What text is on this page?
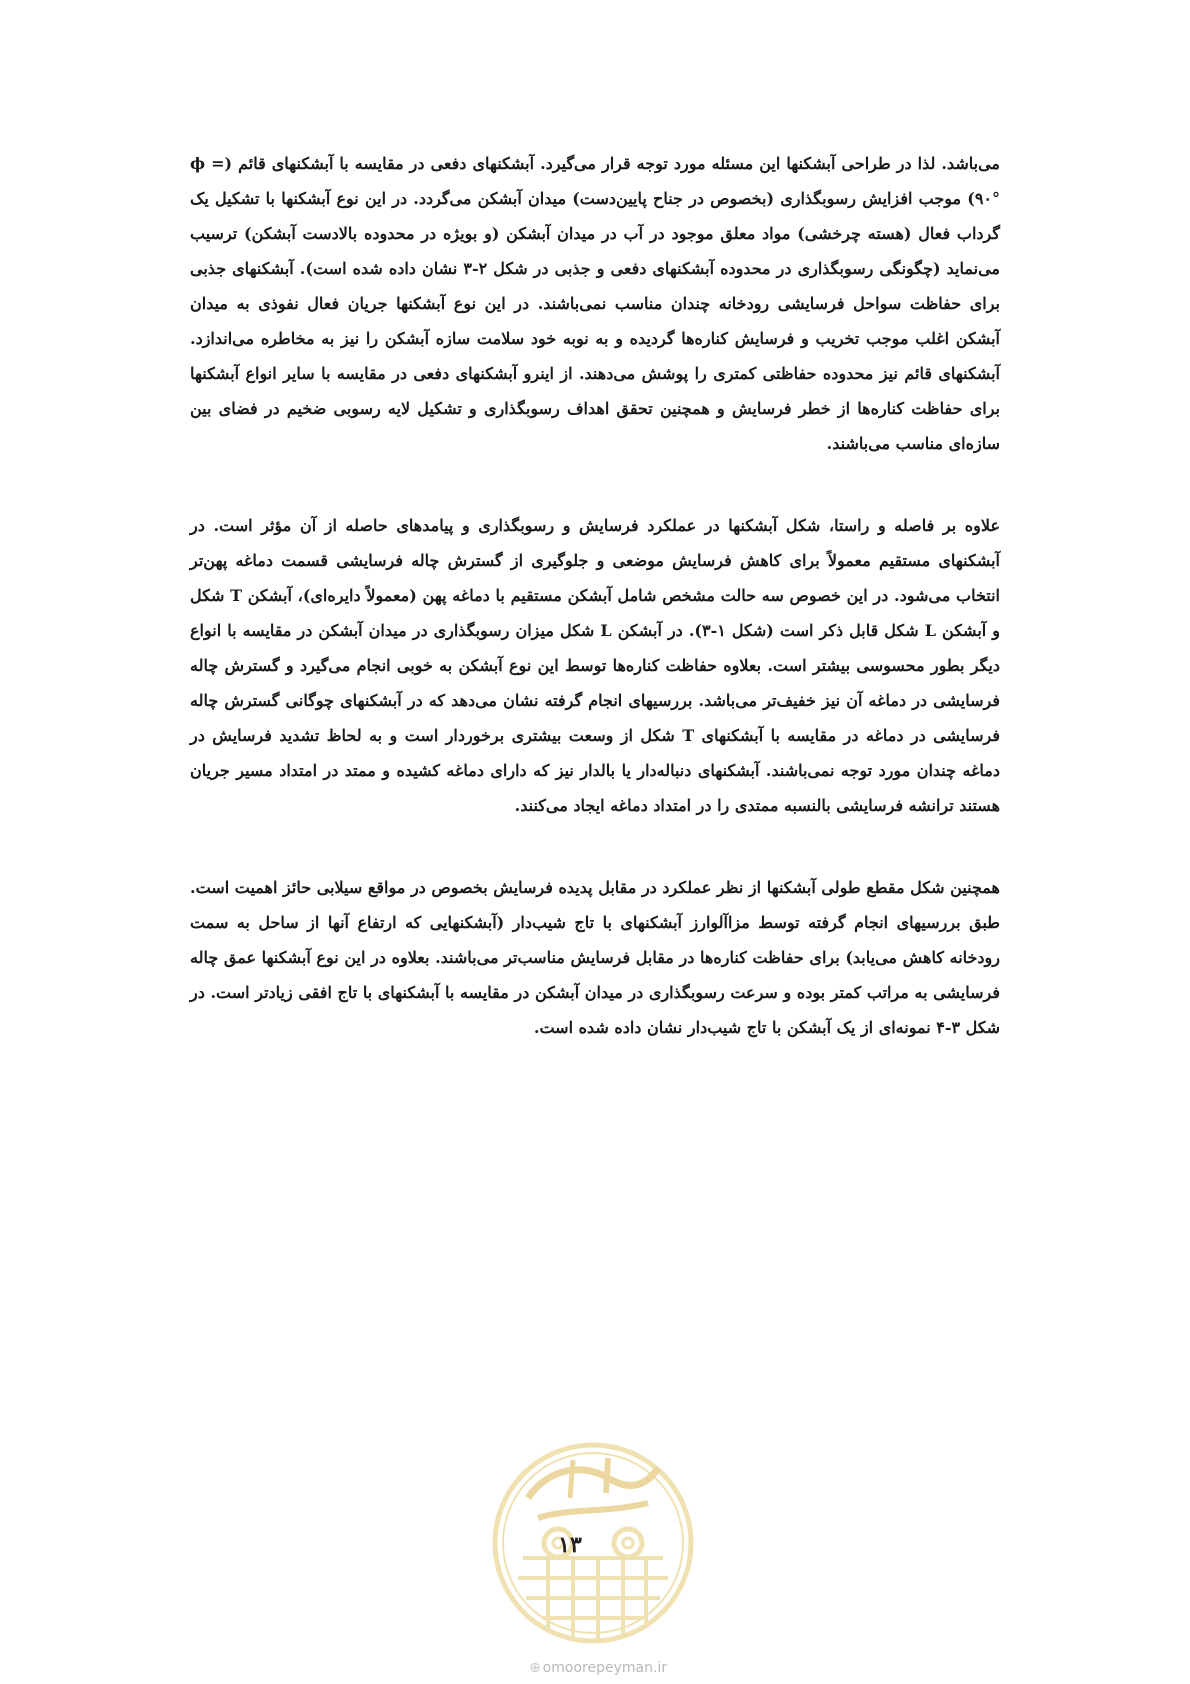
می‌باشد. لذا در طراحی آبشکنها این مسئله مورد توجه قرار می‌گیرد. آبشکنهای دفعی در مقایسه با آبشکنهای قائم (ϕ = ۹۰°) موجب افزایش رسوبگذاری (بخصوص در جناح پایین‌دست) میدان آبشکن می‌گردد. در این نوع آبشکنها با تشکیل یک گرداب فعال (هسته چرخشی) مواد معلق موجود در آب در میدان آبشکن (و بویژه در محدوده بالادست آبشکن) ترسیب می‌نماید (چگونگی رسوبگذاری در محدوده آبشکنهای دفعی و جذبی در شکل ۲-۳ نشان داده شده است). آبشکنهای جذبی برای حفاظت سواحل فرسایشی رودخانه چندان مناسب نمی‌باشند. در این نوع آبشکنها جریان فعال نفوذی به میدان آبشکن اغلب موجب تخریب و فرسایش کناره‌ها گردیده و به نوبه خود سلامت سازه آبشکن را نیز به مخاطره می‌اندازد. آبشکنهای قائم نیز محدوده حفاظتی کمتری را پوشش می‌دهند. از اینرو آبشکنهای دفعی در مقایسه با سایر انواع آبشکنها برای حفاظت کناره‌ها از خطر فرسایش و همچنین تحقق اهداف رسوبگذاری و تشکیل لایه رسوبی ضخیم در فضای بین سازه‌ای مناسب می‌باشند.

علاوه بر فاصله و راستا، شکل آبشکنها در عملکرد فرسایش و رسوبگذاری و پیامدهای حاصله از آن مؤثر است. در آبشکنهای مستقیم معمولاً برای کاهش فرسایش موضعی و جلوگیری از گسترش چاله فرسایشی قسمت دماغه پهن‌تر انتخاب می‌شود. در این خصوص سه حالت مشخص شامل آبشکن مستقیم با دماغه پهن (معمولاً دایره‌ای)، آبشکن T شکل و آبشکن L شکل قابل ذکر است (شکل ۱-۳). در آبشکن L شکل میزان رسوبگذاری در میدان آبشکن در مقایسه با انواع دیگر بطور محسوسی بیشتر است. بعلاوه حفاظت کناره‌ها توسط این نوع آبشکن به خوبی انجام می‌گیرد و گسترش چاله فرسایشی در دماغه آن نیز خفیف‌تر می‌باشد. بررسیهای انجام گرفته نشان می‌دهد که در آبشکنهای چوگانی گسترش چاله فرسایشی در دماغه در مقایسه با آبشکنهای T شکل از وسعت بیشتری برخوردار است و به لحاظ تشدید فرسایش در دماغه چندان مورد توجه نمی‌باشند. آبشکنهای دنباله‌دار یا بالدار نیز که دارای دماغه کشیده و ممتد در امتداد مسیر جریان هستند ترانشه فرسایشی بالنسبه ممتدی را در امتداد دماغه ایجاد می‌کنند.

همچنین شکل مقطع طولی آبشکنها از نظر عملکرد در مقابل پدیده فرسایش بخصوص در مواقع سیلابی حائز اهمیت است. طبق بررسیهای انجام گرفته توسط مزاآلوارز آبشکنهای با تاج شیب‌دار (آبشکنهایی که ارتفاع آنها از ساحل به سمت رودخانه کاهش می‌یابد) برای حفاظت کناره‌ها در مقابل فرسایش مناسب‌تر می‌باشند. بعلاوه در این نوع آبشکنها عمق چاله فرسایشی به مراتب کمتر بوده و سرعت رسوبگذاری در میدان آبشکن در مقایسه با آبشکنهای با تاج افقی زیادتر است. در شکل ۳-۴ نمونه‌ای از یک آبشکن با تاج شیب‌دار نشان داده شده است.

۱۳
⊕ omoorepeyman.ir
